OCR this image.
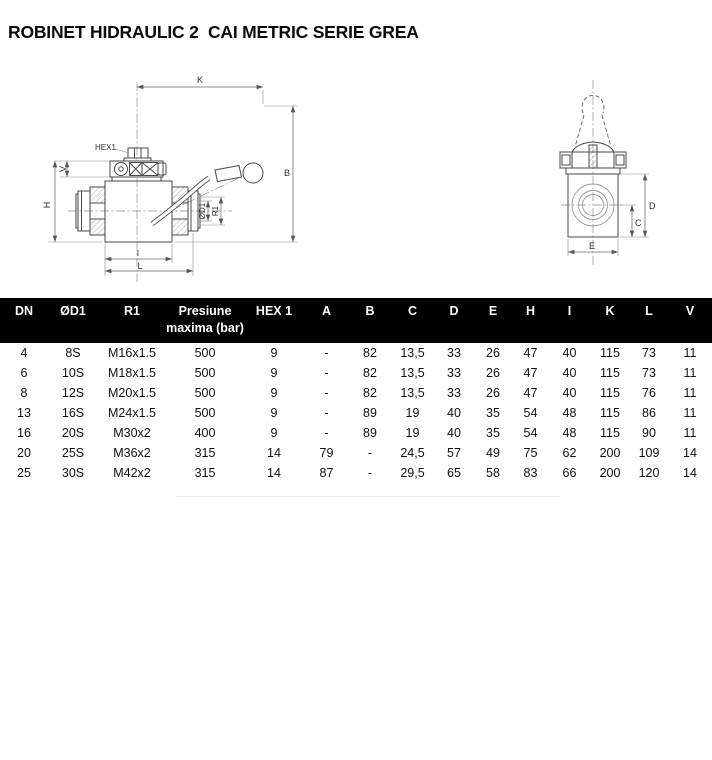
ROBINET HIDRAULIC 2  CAI METRIC SERIE GREA
HEX1
K
B
V
H	ØD1 R1
I
L
D
C
E
DN	ØD1	R1	Presiune maxima (bar)	HEX 1	A	B	C	D	E	H	I	K	L	V
4	8S	M16x1.5	500	9	-	82	13,5	33	26	47	40	115	73	11
6	10S	M18x1.5	500	9	-	82	13,5	33	26	47	40	115	73	11
8	12S	M20x1.5	500	9	-	82	13,5	33	26	47	40	115	76	11
13	16S	M24x1.5	500	9	-	89	19	40	35	54	48	115	86	11
16	20S	M30x2	400	9	-	89	19	40	35	54	48	115	90	11
20	25S	M36x2	315	14	79	-	24,5	57	49	75	62	200	109	14
25	30S	M42x2	315	14	87	-	29,5	65	58	83	66	200	120	14
